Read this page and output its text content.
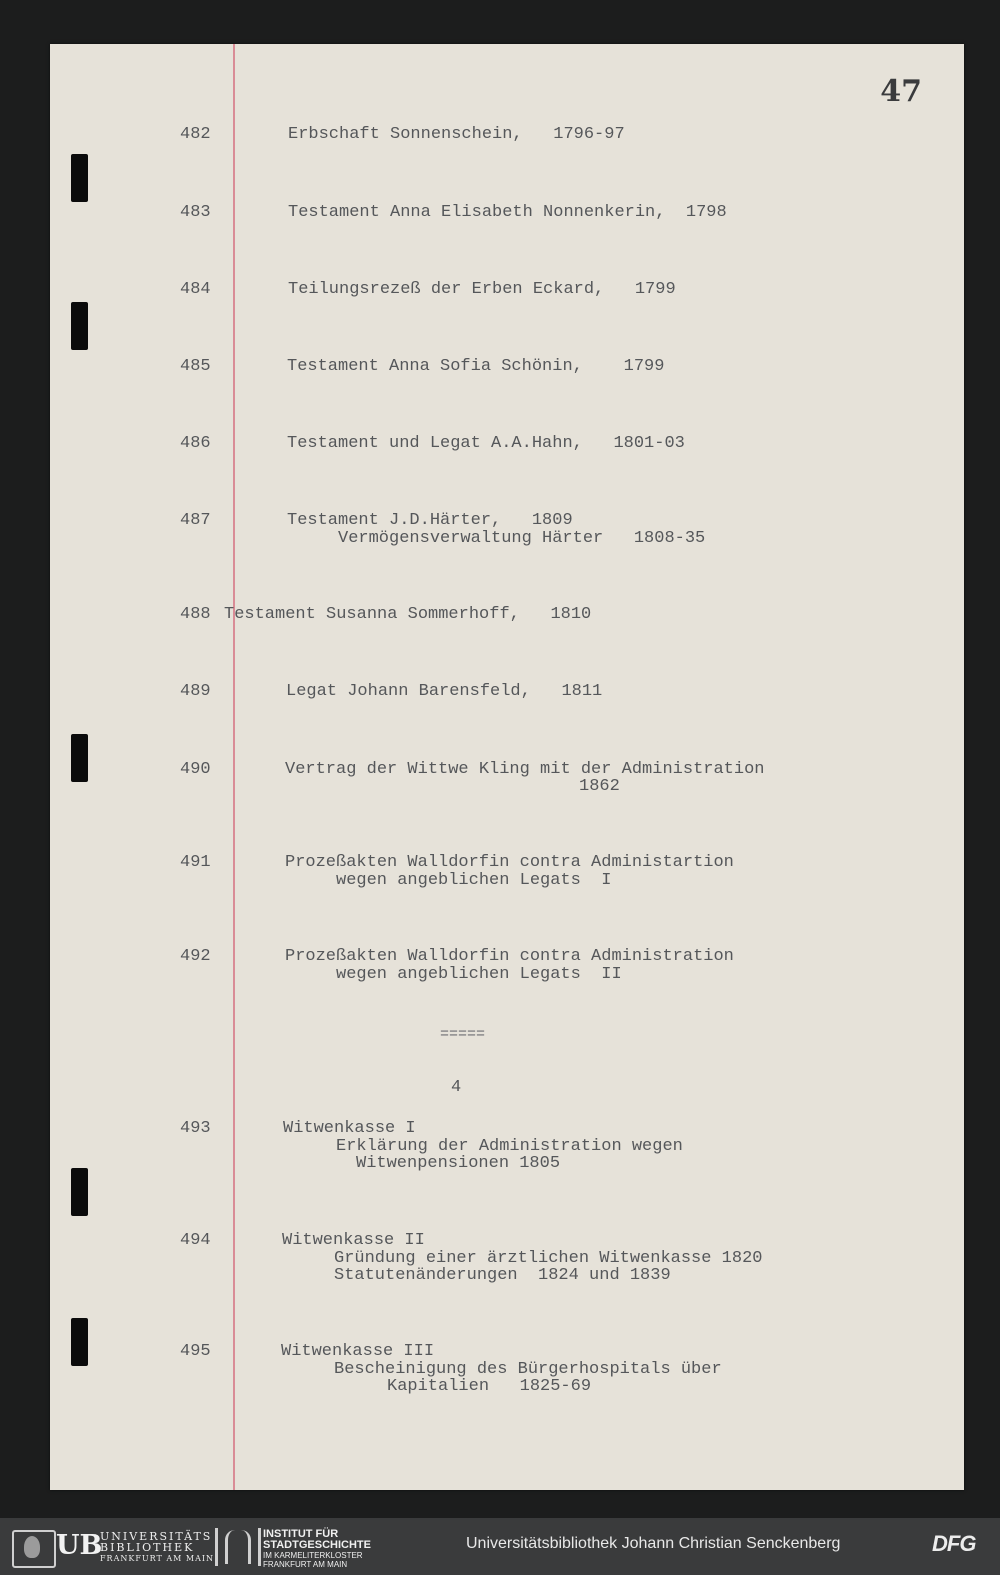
47
482	Erbschaft Sonnenschein,   1796-97
483	Testament Anna Elisabeth Nonnenkerin,  1798
484	Teilungsrezeß der Erben Eckard,   1799
485	Testament Anna Sofia Schönin,    1799
486	Testament und Legat A.A.Hahn,   1801-03
487	Testament J.D.Härter,   1809
Vermögensverwaltung Härter   1808-35
488 Testament Susanna Sommerhoff,   1810
489	Legat Johann Barensfeld,   1811
490	Vertrag der Wittwe Kling mit der Administration
1862
491	Prozeßakten Walldorfin contra Administartion
wegen angeblichen Legats  I
492	Prozeßakten Walldorfin contra Administration
wegen angeblichen Legats  II
=====
4
493	Witwenkasse I
Erklärung der Administration wegen
Witwenpensionen 1805
494	Witwenkasse II
Gründung einer ärztlichen Witwenkasse 1820
Statutenänderungen  1824 und 1839
495	Witwenkasse III
Bescheinigung des Bürgerhospitals über
Kapitalien   1825-69
UB
UNIVERSITÄTS
BIBLIOTHEK
FRANKFURT AM MAIN
INSTITUT FÜR
STADTGESCHICHTE
IM KARMELITERKLOSTER
FRANKFURT AM MAIN
Universitätsbibliothek Johann Christian Senckenberg	DFG
